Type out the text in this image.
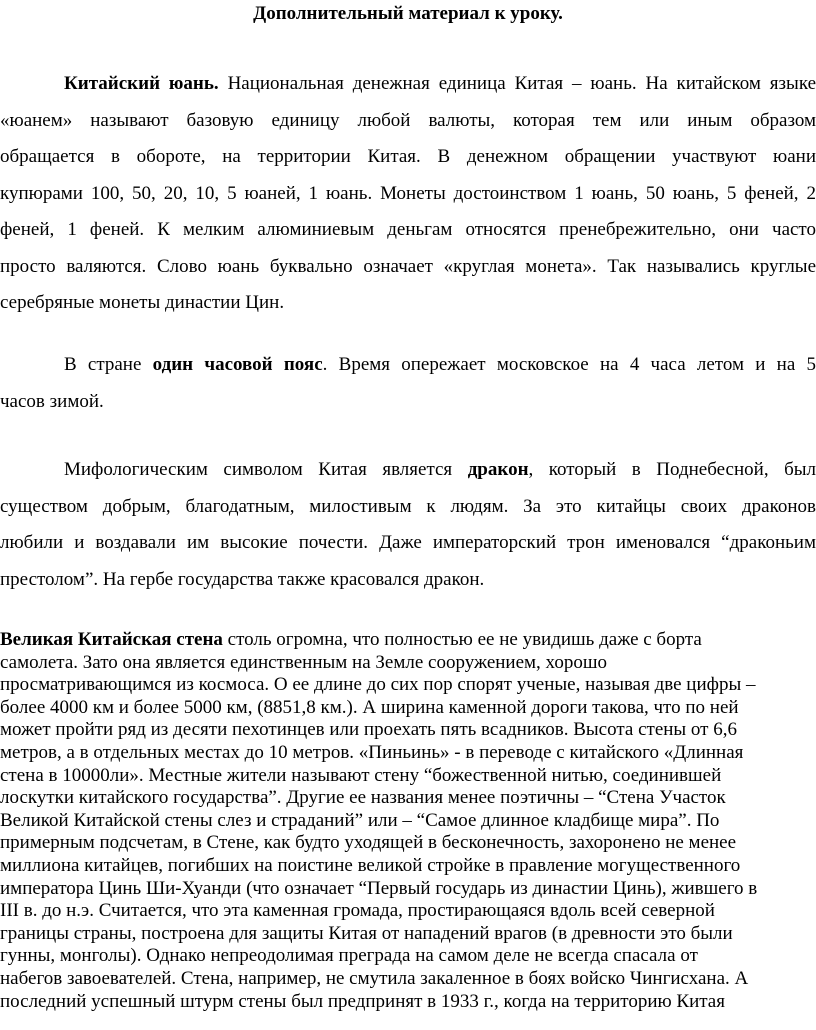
Дополнительный материал к уроку.
Китайский юань. Национальная денежная единица Китая – юань. На китайском языке
«юанем» называют базовую единицу любой валюты, которая тем или иным образом
обращается в обороте, на территории Китая. В денежном обращении участвуют юани
купюрами 100, 50, 20, 10, 5 юаней, 1 юань. Монеты достоинством 1 юань, 50 юань, 5 феней, 2
феней, 1 феней. К мелким алюминиевым деньгам относятся пренебрежительно, они часто
просто валяются. Слово юань буквально означает «круглая монета». Так назывались круглые
серебряные монеты династии Цин.
В стране один часовой пояс. Время опережает московское на 4 часа летом и на 5
часов зимой.
Мифологическим символом Китая является дракон, который в Поднебесной, был
существом добрым, благодатным, милостивым к людям. За это китайцы своих драконов
любили и воздавали им высокие почести. Даже императорский трон именовался “драконьим
престолом”. На гербе государства также красовался дракон.
Великая Китайская стена столь огромна, что полностью ее не увидишь даже с борта
самолета. Зато она является единственным на Земле сооружением, хорошо
просматривающимся из космоса. О ее длине до сих пор спорят ученые, называя две цифры –
более 4000 км и более 5000 км, (8851,8 км.). А ширина каменной дороги такова, что по ней
может пройти ряд из десяти пехотинцев или проехать пять всадников. Высота стены от 6,6
метров, а в отдельных местах до 10 метров. «Пиньинь» - в переводе с китайского «Длинная
стена в 10000ли». Местные жители называют стену “божественной нитью, соединившей
лоскутки китайского государства”. Другие ее названия менее поэтичны – “Стена Участок
Великой Китайской стены слез и страданий” или – “Самое длинное кладбище мира”. По
примерным подсчетам, в Стене, как будто уходящей в бесконечность, захоронено не менее
миллиона китайцев, погибших на поистине великой стройке в правление могущественного
императора Цинь Ши-Хуанди (что означает “Первый государь из династии Цинь), жившего в
III в. до н.э. Считается, что эта каменная громада, простирающаяся вдоль всей северной
границы страны, построена для защиты Китая от нападений врагов (в древности это были
гунны, монголы). Однако непреодолимая преграда на самом деле не всегда спасала от
набегов завоевателей. Стена, например, не смутила закаленное в боях войско Чингисхана. А
последний успешный штурм стены был предпринят в 1933 г., когда на территорию Китая
